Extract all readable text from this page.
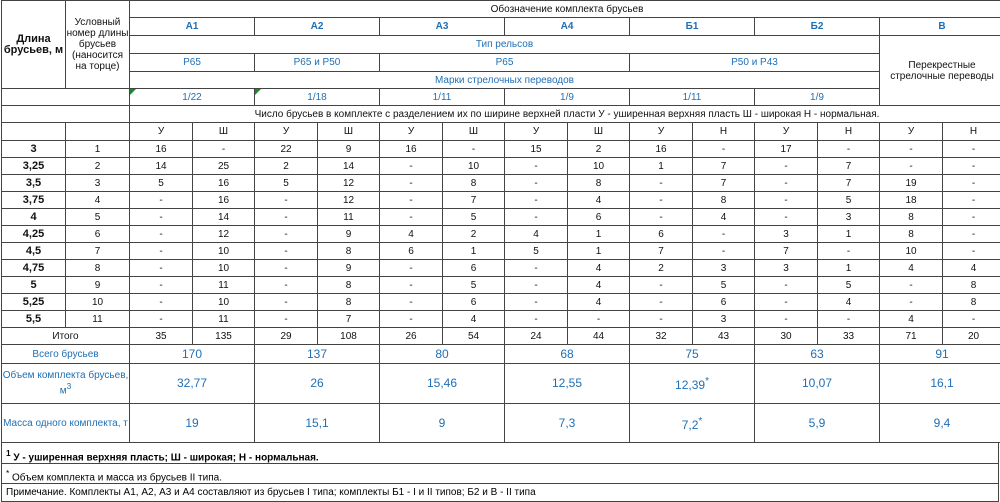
Длина брусьев, м	Условный номер длины брусьев (наносится на торце)	Обозначение комплекта брусьев													
		А1		А2		А3		А4		Б1		Б2		В	
		Тип рельсов												Перекрестные стрелочные переводы	
		Р65		Р65 и Р50		Р65				Р50 и Р43					
		Марки стрелочных переводов													
		1/22		1/18		1/11		1/9		1/11		1/9			
		Число брусьев в комплекте с разделением их по ширине верхней пласти У - уширенная верхняя пласть Ш - широкая Н - нормальная.													
		У	Ш	У	Ш	У	Ш	У	Ш	У	Н	У	Н	У	Н
3	1	16	-	22	9	16	-	15	2	16	-	17	-	-	-
3,25	2	14	25	2	14	-	10	-	10	1	7	-	7	-	-
3,5	3	5	16	5	12	-	8	-	8	-	7	-	7	19	-
3,75	4	-	16	-	12	-	7	-	4	-	8	-	5	18	-
4	5	-	14	-	11	-	5	-	6	-	4	-	3	8	-
4,25	6	-	12	-	9	4	2	4	1	6	-	3	1	8	-
4,5	7	-	10	-	8	6	1	5	1	7	-	7	-	10	-
4,75	8	-	10	-	9	-	6	-	4	2	3	3	1	4	4
5	9	-	11	-	8	-	5	-	4	-	5	-	5	-	8
5,25	10	-	10	-	8	-	6	-	4	-	6	-	4	-	8
5,5	11	-	11	-	7	-	4	-	-	-	3	-	-	4	-
Итого		35	135	29	108	26	54	24	44	32	43	30	33	71	20
Всего брусьев		170		137		80		68		75		63		91	
Объем комплекта брусьев, $м^3$		32,77		26		15,46		12,55		12,39*		10,07		16,1	
Масса одного комплекта, т		19		15,1		9		7,3		7,2*		5,9		9,4	
$^1$ У - уширенная верхняя пласть; Ш - широкая; Н - нормальная.
* Объем комплекта и масса из брусьев II типа.
Примечание. Комплекты А1, А2, А3 и А4 составляют из брусьев I типа; комплекты Б1 - I и II типов; Б2 и В - II типа
